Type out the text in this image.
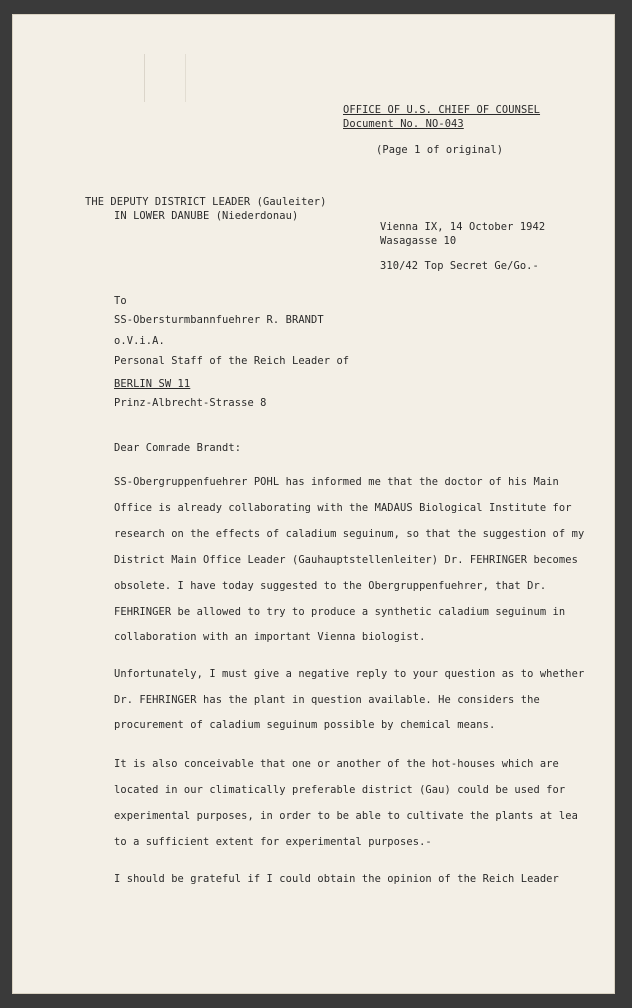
OFFICE OF U.S. CHIEF OF COUNSEL
Document No. NO-043
(Page 1 of original)
THE DEPUTY DISTRICT LEADER (Gauleiter)
IN LOWER DANUBE (Niederdonau)
Vienna IX, 14 October 1942
Wasagasse 10
310/42 Top Secret Ge/Go.-
To
SS-Obersturmbannfuehrer R. BRANDT
o.V.i.A.
Personal Staff of the Reich Leader of
BERLIN SW 11
Prinz-Albrecht-Strasse 8
Dear Comrade Brandt:
SS-Obergruppenfuehrer POHL has informed me that the doctor of his Main
Office is already collaborating with the MADAUS Biological Institute for
research on the effects of caladium seguinum, so that the suggestion of my
District Main Office Leader (Gauhauptstellenleiter) Dr. FEHRINGER becomes
obsolete. I have today suggested to the Obergruppenfuehrer, that Dr.
FEHRINGER be allowed to try to produce a synthetic caladium seguinum in
collaboration with an important Vienna biologist.
Unfortunately, I must give a negative reply to your question as to whether
Dr. FEHRINGER has the plant in question available. He considers the
procurement of caladium seguinum possible by chemical means.
It is also conceivable that one or another of the hot-houses which are
located in our climatically preferable district (Gau) could be used for
experimental purposes, in order to be able to cultivate the plants at lea
to a sufficient extent for experimental purposes.-
I should be grateful if I could obtain the opinion of the Reich Leader
